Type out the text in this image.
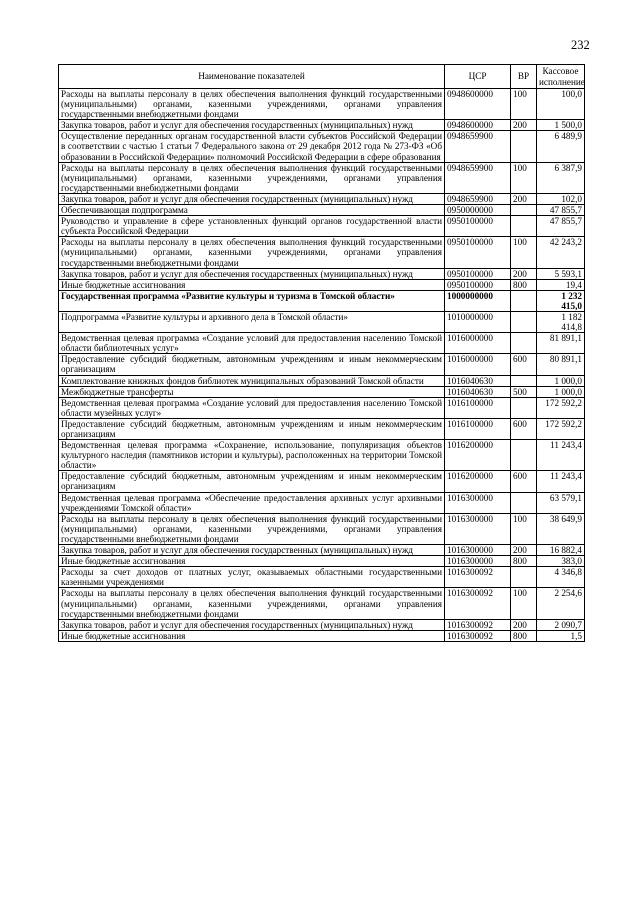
232
Наименование показателей	ЦСР	ВР	Кассовое исполнение
Расходы на выплаты персоналу в целях обеспечения выполнения функций государственными (муниципальными) органами, казенными учреждениями, органами управления государственными внебюджетными фондами	0948600000	100	100,0
Закупка товаров, работ и услуг для обеспечения государственных (муниципальных) нужд	0948600000	200	1 500,0
Осуществление переданных органам государственной власти субъектов Российской Федерации в соответствии с частью 1 статьи 7 Федерального закона от 29 декабря 2012 года № 273-ФЗ «Об образовании в Российской Федерации» полномочий Российской Федерации в сфере образования	0948659900		6 489,9
Расходы на выплаты персоналу в целях обеспечения выполнения функций государственными (муниципальными) органами, казенными учреждениями, органами управления государственными внебюджетными фондами	0948659900	100	6 387,9
Закупка товаров, работ и услуг для обеспечения государственных (муниципальных) нужд	0948659900	200	102,0
Обеспечивающая подпрограмма	0950000000		47 855,7
Руководство и управление в сфере установленных функций органов государственной власти субъекта Российской Федерации	0950100000		47 855,7
Расходы на выплаты персоналу в целях обеспечения выполнения функций государственными (муниципальными) органами, казенными учреждениями, органами управления государственными внебюджетными фондами	0950100000	100	42 243,2
Закупка товаров, работ и услуг для обеспечения государственных (муниципальных) нужд	0950100000	200	5 593,1
Иные бюджетные ассигнования	0950100000	800	19,4
Государственная программа «Развитие культуры и туризма в Томской области»	1000000000		1 232 415,0
Подпрограмма «Развитие культуры и архивного дела в Томской области»	1010000000		1 182 414,8
Ведомственная целевая программа «Создание условий для предоставления населению Томской области библиотечных услуг»	1016000000		81 891,1
Предоставление субсидий бюджетным, автономным учреждениям и иным некоммерческим организациям	1016000000	600	80 891,1
Комплектование книжных фондов библиотек муниципальных образований Томской области	1016040630		1 000,0
Межбюджетные трансферты	1016040630	500	1 000,0
Ведомственная целевая программа «Создание условий для предоставления населению Томской области музейных услуг»	1016100000		172 592,2
Предоставление субсидий бюджетным, автономным учреждениям и иным некоммерческим организациям	1016100000	600	172 592,2
Ведомственная целевая программа «Сохранение, использование, популяризация объектов культурного наследия (памятников истории и культуры), расположенных на территории Томской области»	1016200000		11 243,4
Предоставление субсидий бюджетным, автономным учреждениям и иным некоммерческим организациям	1016200000	600	11 243,4
Ведомственная целевая программа «Обеспечение предоставления архивных услуг архивными учреждениями Томской области»	1016300000		63 579,1
Расходы на выплаты персоналу в целях обеспечения выполнения функций государственными (муниципальными) органами, казенными учреждениями, органами управления государственными внебюджетными фондами	1016300000	100	38 649,9
Закупка товаров, работ и услуг для обеспечения государственных (муниципальных) нужд	1016300000	200	16 882,4
Иные бюджетные ассигнования	1016300000	800	383,0
Расходы за счет доходов от платных услуг, оказываемых областными государственными казенными учреждениями	1016300092		4 346,8
Расходы на выплаты персоналу в целях обеспечения выполнения функций государственными (муниципальными) органами, казенными учреждениями, органами управления государственными внебюджетными фондами	1016300092	100	2 254,6
Закупка товаров, работ и услуг для обеспечения государственных (муниципальных) нужд	1016300092	200	2 090,7
Иные бюджетные ассигнования	1016300092	800	1,5
